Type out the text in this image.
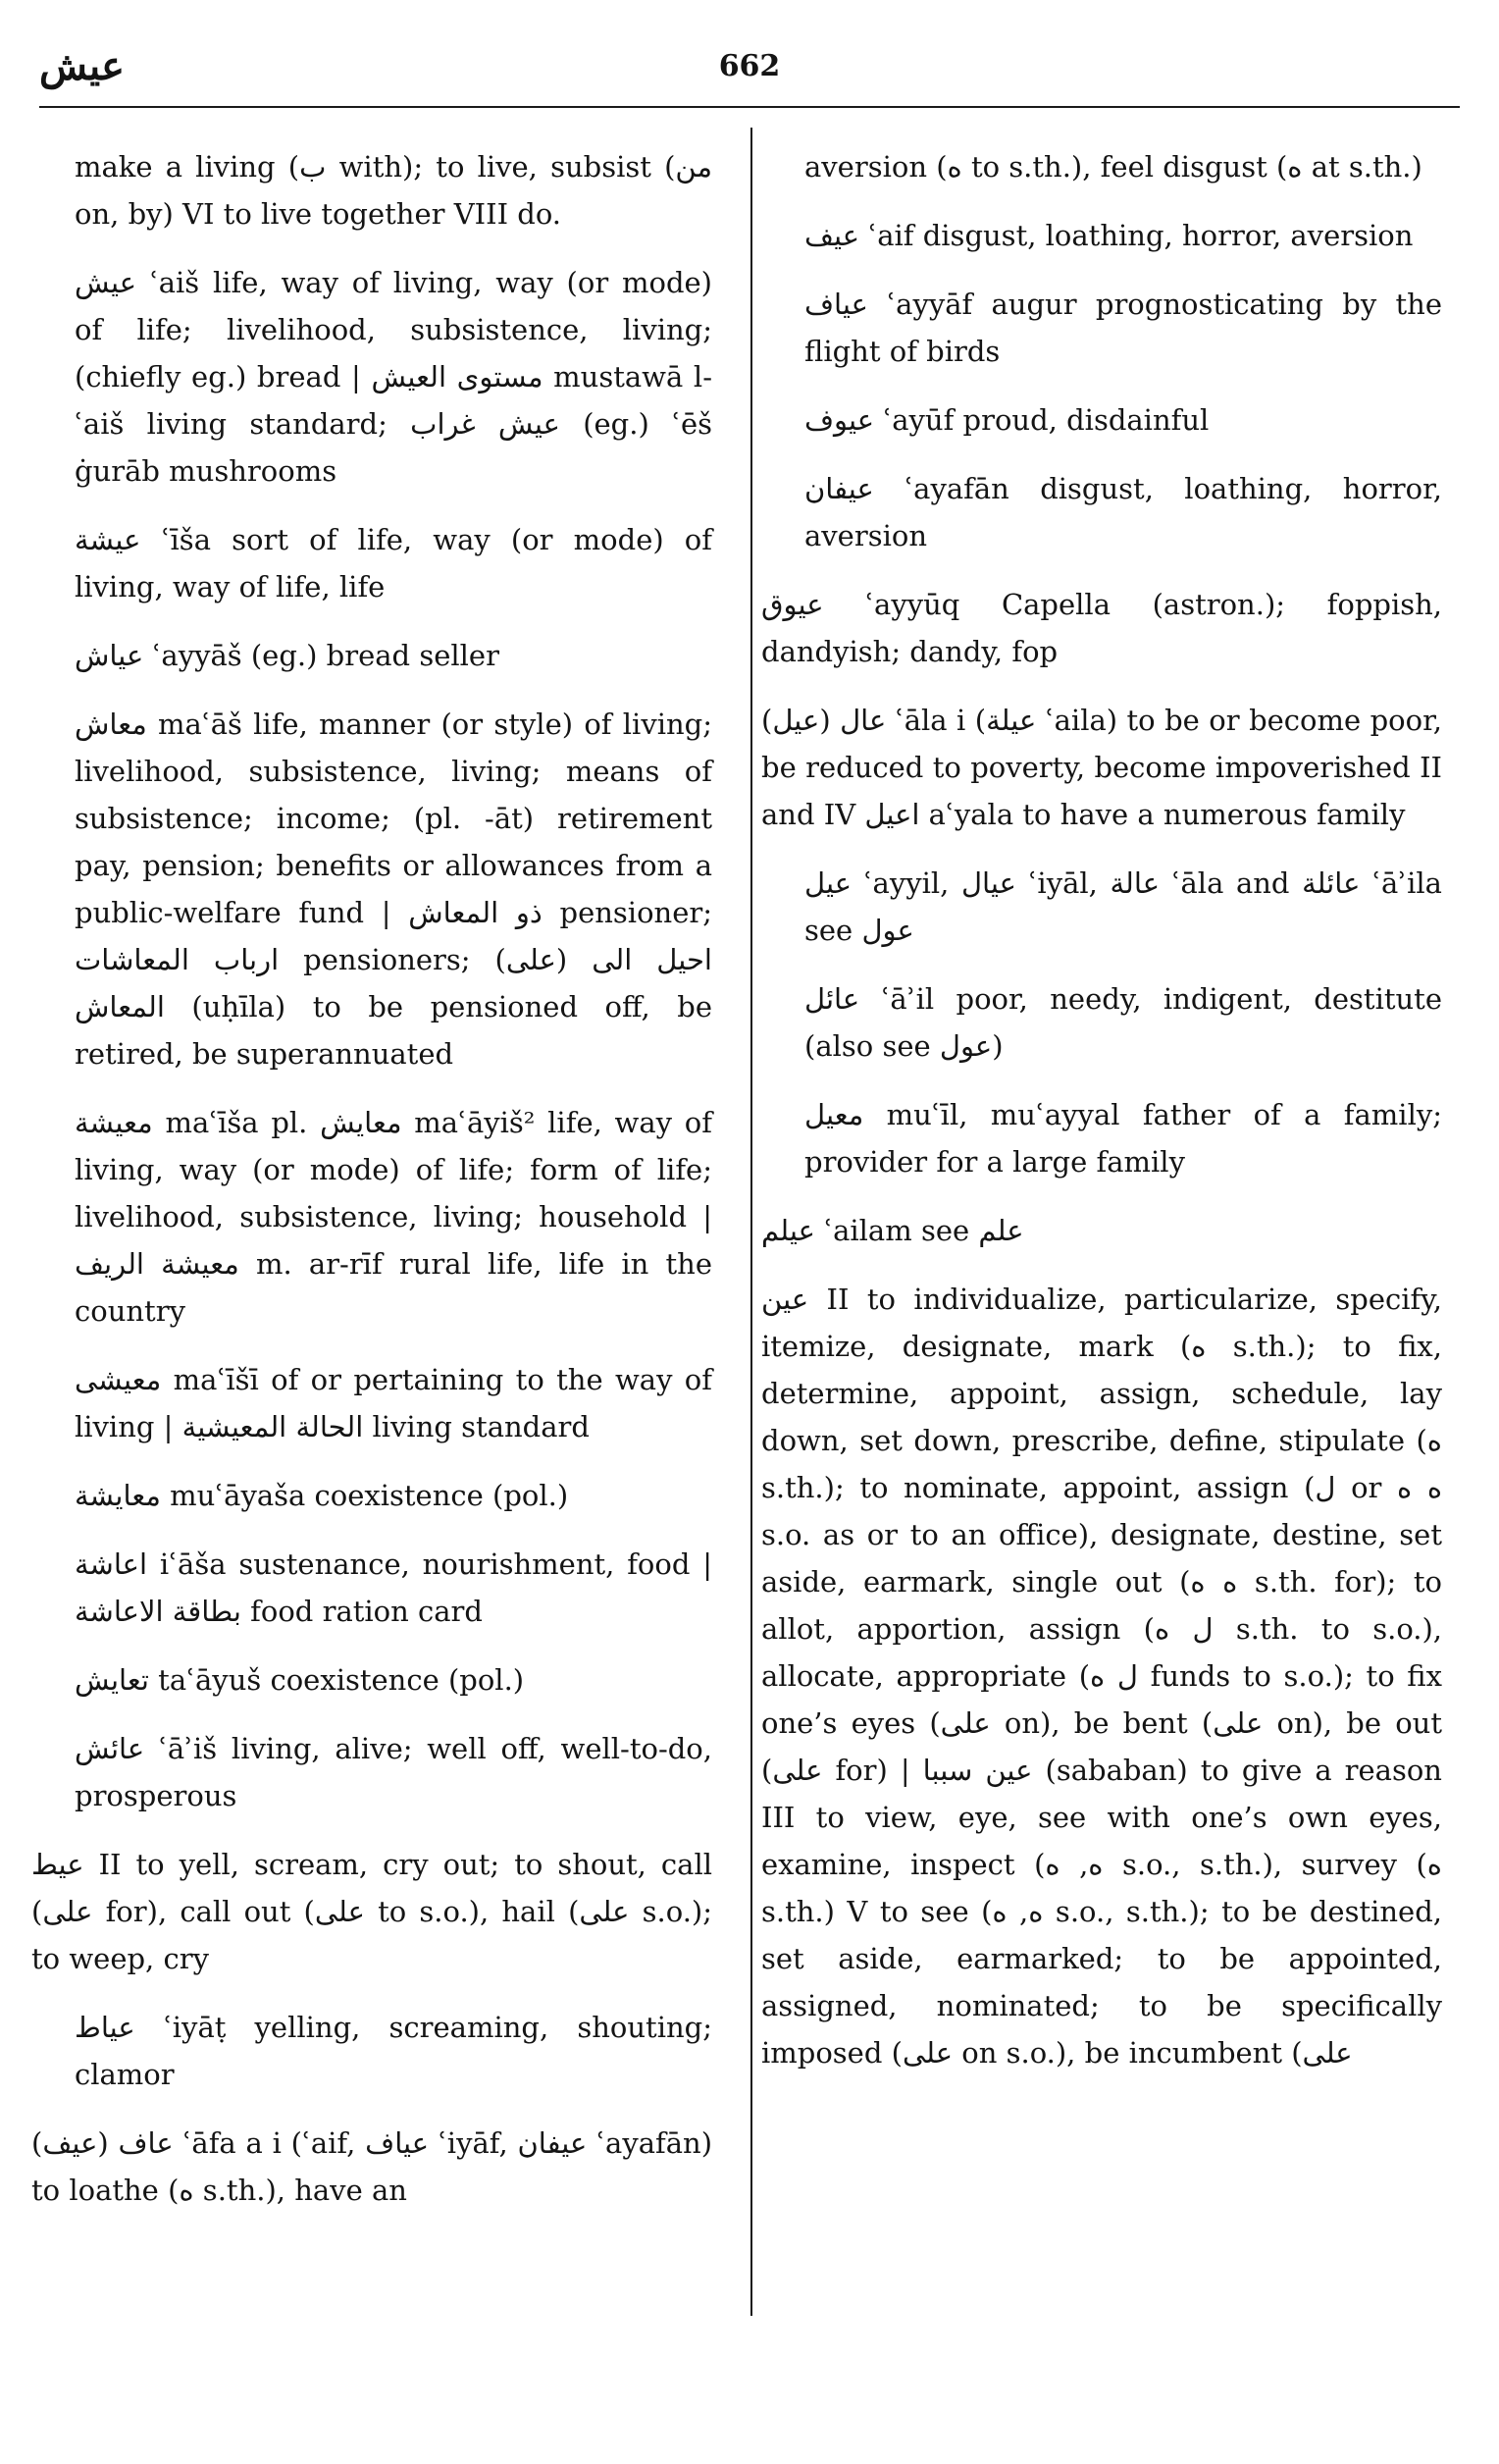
عيش	662

make a living (ب with); to live, subsist (من on, by) VI to live together VIII do.

عيش ʿaiš life, way of living, way (or mode) of life; livelihood, subsistence, living; (chiefly eg.) bread | مستوى العيش mustawā l-ʿaiš living standard; عيش غراب (eg.) ʿēš ġurāb mushrooms

عيشة ʿīša sort of life, way (or mode) of living, way of life, life

عياش ʿayyāš (eg.) bread seller

معاش maʿāš life, manner (or style) of living; livelihood, subsistence, living; means of subsistence; income; (pl. -āt) retirement pay, pension; benefits or allowances from a public-welfare fund | ذو المعاش pensioner; ارباب المعاشات pensioners; احيل الى (على) المعاش (uḥīla) to be pensioned off, be retired, be superannuated

معيشة maʿīša pl. معايش maʿāyiš² life, way of living, way (or mode) of life; form of life; livelihood, subsistence, living; household | معيشة الريف m. ar-rīf rural life, life in the country

معيشى maʿīšī of or pertaining to the way of living | الحالة المعيشية living standard

معايشة muʿāyaša coexistence (pol.)

اعاشة iʿāša sustenance, nourishment, food | بطاقة الاعاشة food ration card

تعايش taʿāyuš coexistence (pol.)

عائش ʿāʾiš living, alive; well off, well-to-do, prosperous

عيط II to yell, scream, cry out; to shout, call (على for), call out (على to s.o.), hail (على s.o.); to weep, cry

عياط ʿiyāṭ yelling, screaming, shouting; clamor

عاف (عيف) ʿāfa a i (ʿaif, عياف ʿiyāf, عيفان ʿayafān) to loathe (ه s.th.), have an

aversion (ه to s.th.), feel disgust (ه at s.th.)

عيف ʿaif disgust, loathing, horror, aversion

عياف ʿayyāf augur prognosticating by the flight of birds

عيوف ʿayūf proud, disdainful

عيفان ʿayafān disgust, loathing, horror, aversion

عيوق ʿayyūq Capella (astron.); foppish, dandyish; dandy, fop

عال (عيل) ʿāla i (عيلة ʿaila) to be or become poor, be reduced to poverty, become impoverished II and IV اعيل aʿyala to have a numerous family

عيل ʿayyil, عيال ʿiyāl, عالة ʿāla and عائلة ʿāʾila see عول

عائل ʿāʾil poor, needy, indigent, destitute (also see عول)

معيل muʿīl, muʿayyal father of a family; provider for a large family

عيلم ʿailam see علم

عين II to individualize, particularize, specify, itemize, designate, mark (ه s.th.); to fix, determine, appoint, assign, schedule, lay down, set down, prescribe, define, stipulate (ه s.th.); to nominate, appoint, assign (ل or ه ه s.o. as or to an office), designate, destine, set aside, earmark, single out (ه ه s.th. for); to allot, apportion, assign (ل ه s.th. to s.o.), allocate, appropriate (ل ه funds to s.o.); to fix one’s eyes (على on), be bent (على on), be out (على for) | عين سببا (sababan) to give a reason III to view, eye, see with one’s own eyes, examine, inspect (ه, ه s.o., s.th.), survey (ه s.th.) V to see (ه, ه s.o., s.th.); to be destined, set aside, earmarked; to be appointed, assigned, nominated; to be specifically imposed (على on s.o.), be incumbent (على
